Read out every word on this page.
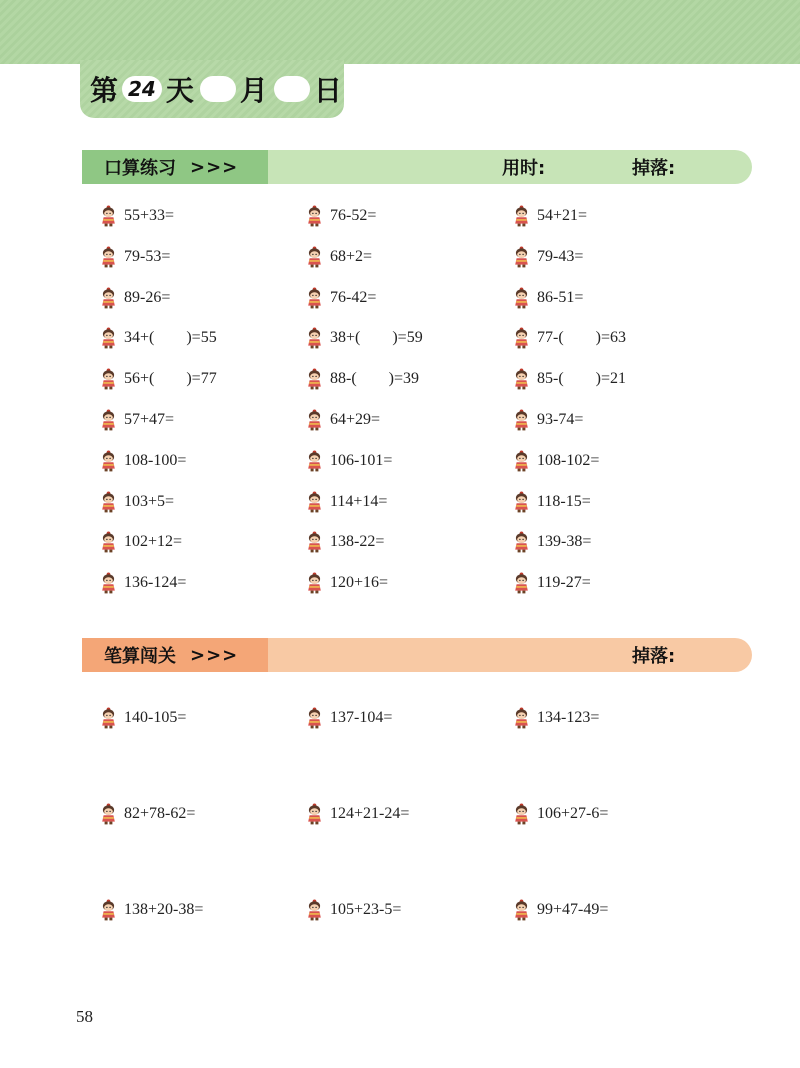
第 24 天 月 日
口算练习 >>>	用时:	掉落:
55+33=	76-52=	54+21=
79-53=	68+2=	79-43=
89-26=	76-42=	86-51=
34+(        )=55	38+(        )=59	77-(        )=63
56+(        )=77	88-(        )=39	85-(        )=21
57+47=	64+29=	93-74=
108-100=	106-101=	108-102=
103+5=	114+14=	118-15=
102+12=	138-22=	139-38=
136-124=	120+16=	119-27=
笔算闯关 >>>	掉落:
140-105=	137-104=	134-123=
82+78-62=	124+21-24=	106+27-6=
138+20-38=	105+23-5=	99+47-49=
58
